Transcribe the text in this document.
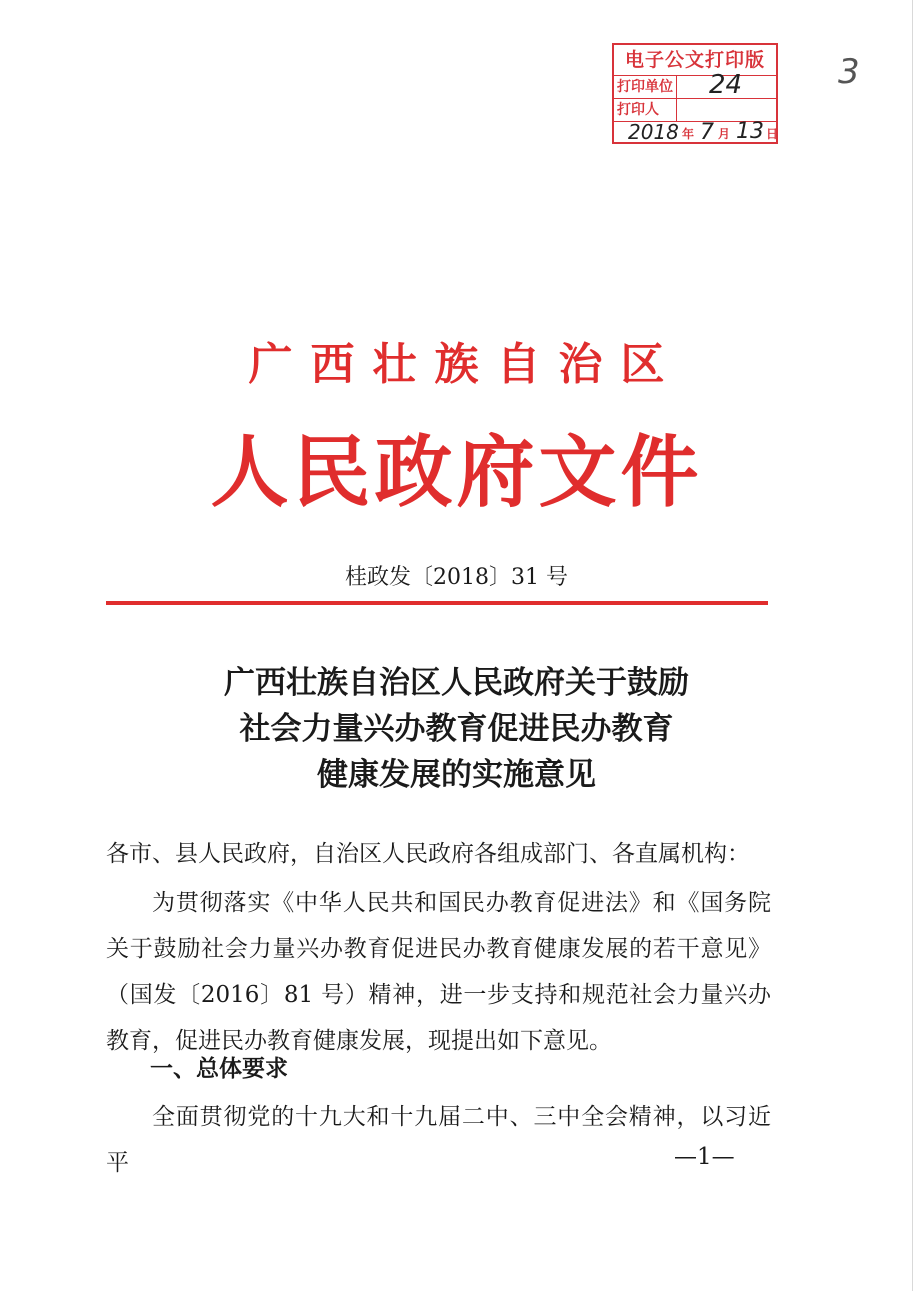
电子公文打印版
打印单位 24
打印人
2018 年 7 月 13 日
3
广西壮族自治区
人民政府文件
桂政发〔2018〕31 号
广西壮族自治区人民政府关于鼓励
社会力量兴办教育促进民办教育
健康发展的实施意见
各市、县人民政府，自治区人民政府各组成部门、各直属机构：
为贯彻落实《中华人民共和国民办教育促进法》和《国务院关于鼓励社会力量兴办教育促进民办教育健康发展的若干意见》（国发〔2016〕81 号）精神，进一步支持和规范社会力量兴办教育，促进民办教育健康发展，现提出如下意见。
一、总体要求
全面贯彻党的十九大和十九届二中、三中全会精神，以习近平	—1—
